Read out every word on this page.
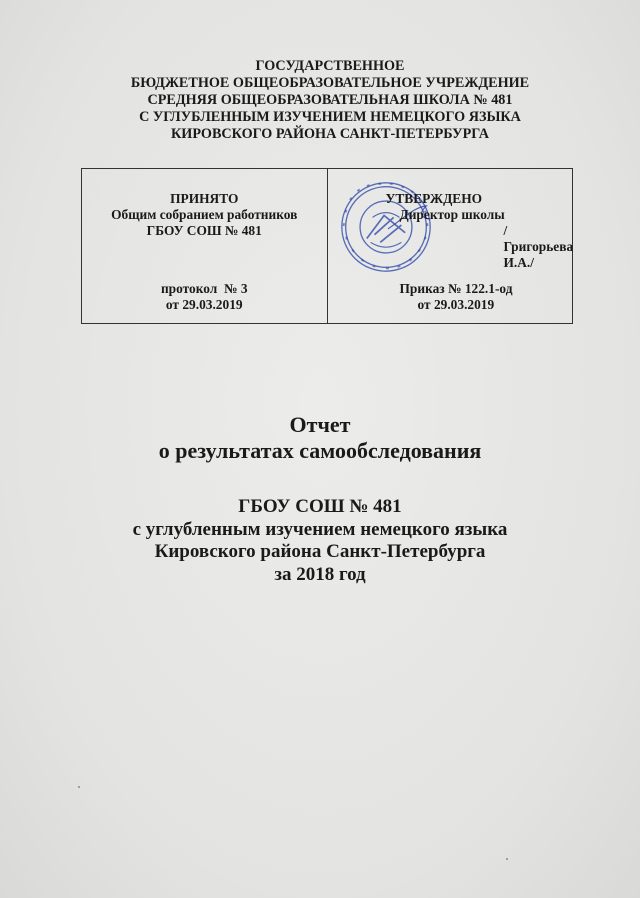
ГОСУДАРСТВЕННОЕ
БЮДЖЕТНОЕ ОБЩЕОБРАЗОВАТЕЛЬНОЕ УЧРЕЖДЕНИЕ
СРЕДНЯЯ ОБЩЕОБРАЗОВАТЕЛЬНАЯ ШКОЛА № 481
С УГЛУБЛЕННЫМ ИЗУЧЕНИЕМ НЕМЕЦКОГО ЯЗЫКА
КИРОВСКОГО РАЙОНА САНКТ-ПЕТЕРБУРГА
ПРИНЯТО
Общим собранием работников
ГБОУ СОШ № 481
протокол  № 3
от 29.03.2019
УТВЕРЖДЕНО
Директор школы
/Григорьева И.А./
Приказ № 122.1-од
от 29.03.2019
Отчет
о результатах самообследования
ГБОУ СОШ № 481
с углубленным изучением немецкого языка
Кировского района Санкт-Петербурга
за 2018 год
